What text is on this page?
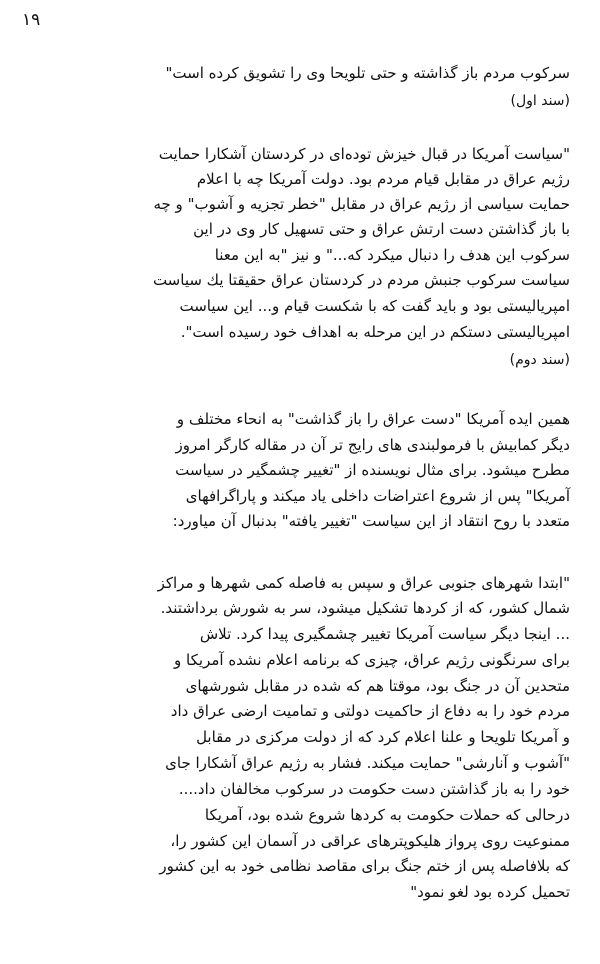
۱۹
سرکوب مردم باز گذاشته و حتی تلویحا وی را تشویق کرده است"
(سند اول)
"سیاست آمریکا در قبال خیزش توده‌ای در کردستان آشکارا حمایت
رژیم عراق در مقابل قیام مردم بود. دولت آمریکا چه با اعلام
حمایت سیاسی از رژیم عراق در مقابل "خطر تجزیه و آشوب" و چه
با باز گذاشتن دست ارتش عراق و حتی تسهیل کار وی در این
سرکوب این هدف را دنبال میکرد که..." و نیز "به این معنا
سیاست سرکوب جنبش مردم در کردستان عراق حقیقتا یك سیاست
امپریالیستی بود و باید گفت که با شکست قیام و... این سیاست
امپریالیستی دستکم در این مرحله به اهداف خود رسیده است".
(سند دوم)
همین ایده آمریکا "دست عراق را باز گذاشت" به انحاء مختلف و
دیگر کمابیش با فرمولبندی های رایج تر آن در مقاله کارگر امروز
مطرح میشود. برای مثال نویسنده از "تغییر چشمگیر در سیاست
آمریکا" پس از شروع اعتراضات داخلی یاد میکند و پاراگرافهای
متعدد با روح انتقاد از این سیاست "تغییر یافته" بدنبال آن میاورد:
"ابتدا شهرهای جنوبی عراق و سپس به فاصله کمی شهرها و مراکز
شمال کشور، که از کردها تشکیل میشود، سر به شورش برداشتند.
... اینجا دیگر سیاست آمریکا تغییر چشمگیری پیدا کرد. تلاش
برای سرنگونی رژیم عراق، چیزی که برنامه اعلام نشده آمریکا و
متحدین آن در جنگ بود، موقتا هم که شده در مقابل شورشهای
مردم خود را به دفاع از حاکمیت دولتی و تمامیت ارضی عراق داد
و آمریکا تلویحا و علنا اعلام کرد که از دولت مرکزی در مقابل
"آشوب و آنارشی" حمایت میکند. فشار به رژیم عراق آشکارا جای
خود را به باز گذاشتن دست حکومت در سرکوب مخالفان داد....
درحالی که حملات حکومت به کردها شروع شده بود، آمریکا
ممنوعیت روی پرواز هلیکوپترهای عراقی در آسمان این کشور را،
که بلافاصله پس از ختم جنگ برای مقاصد نظامی خود به این کشور
تحمیل کرده بود لغو نمود"
